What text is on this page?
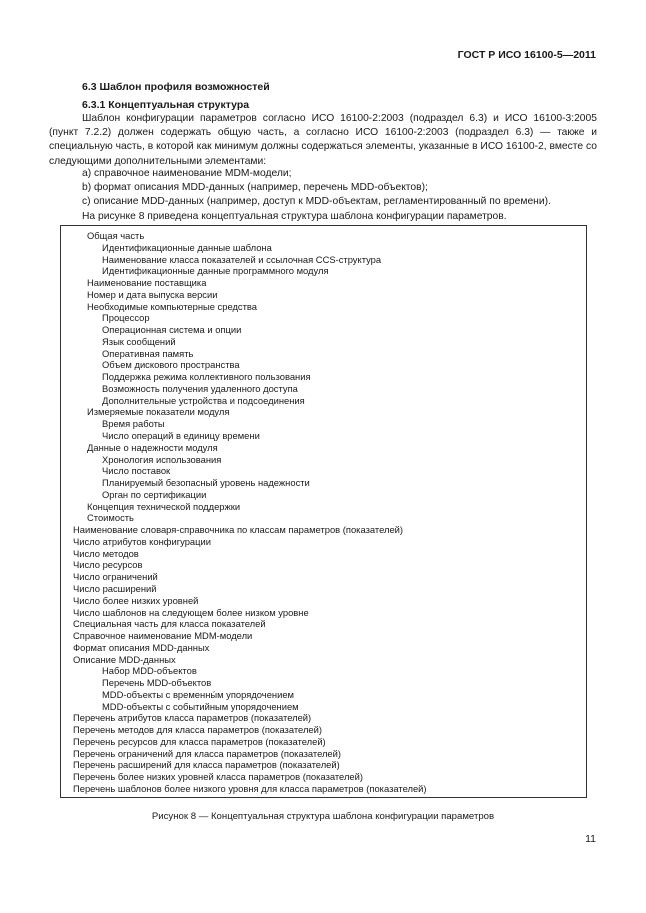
ГОСТ Р ИСО 16100-5—2011
6.3 Шаблон профиля возможностей
6.3.1 Концептуальная структура
Шаблон конфигурации параметров согласно ИСО 16100-2:2003 (подраздел 6.3) и ИСО 16100-3:2005 (пункт 7.2.2) должен содержать общую часть, а согласно ИСО 16100-2:2003 (подраздел 6.3) — также и специальную часть, в которой как минимум должны содержаться элементы, указанные в ИСО 16100-2, вместе со следующими дополнительными элементами:
a) справочное наименование MDM-модели;
b) формат описания MDD-данных (например, перечень MDD-объектов);
c) описание MDD-данных (например, доступ к MDD-объектам, регламентированный по времени).
На рисунке 8 приведена концептуальная структура шаблона конфигурации параметров.
Общая часть
Идентификационные данные шаблона
Наименование класса показателей и ссылочная CCS-структура
Идентификационные данные программного модуля
Наименование поставщика
Номер и дата выпуска версии
Необходимые компьютерные средства
Процессор
Операционная система и опции
Язык сообщений
Оперативная память
Объем дискового пространства
Поддержка режима коллективного пользования
Возможность получения удаленного доступа
Дополнительные устройства и подсоединения
Измеряемые показатели модуля
Время работы
Число операций в единицу времени
Данные о надежности модуля
Хронология использования
Число поставок
Планируемый безопасный уровень надежности
Орган по сертификации
Концепция технической поддержки
Стоимость
Наименование словаря-справочника по классам параметров (показателей)
Число атрибутов конфигурации
Число методов
Число ресурсов
Число ограничений
Число расширений
Число более низких уровней
Число шаблонов на следующем более низком уровне
Специальная часть для класса показателей
Справочное наименование MDM-модели
Формат описания MDD-данных
Описание MDD-данных
Набор MDD-объектов
Перечень MDD-объектов
MDD-объекты с временны́м упорядочением
MDD-объекты с событийным упорядочением
Перечень атрибутов класса параметров (показателей)
Перечень методов для класса параметров (показателей)
Перечень ресурсов для класса параметров (показателей)
Перечень ограничений для класса параметров (показателей)
Перечень расширений для класса параметров (показателей)
Перечень более низких уровней класса параметров (показателей)
Перечень шаблонов более низкого уровня для класса параметров (показателей)
Рисунок 8 — Концептуальная структура шаблона конфигурации параметров
11
